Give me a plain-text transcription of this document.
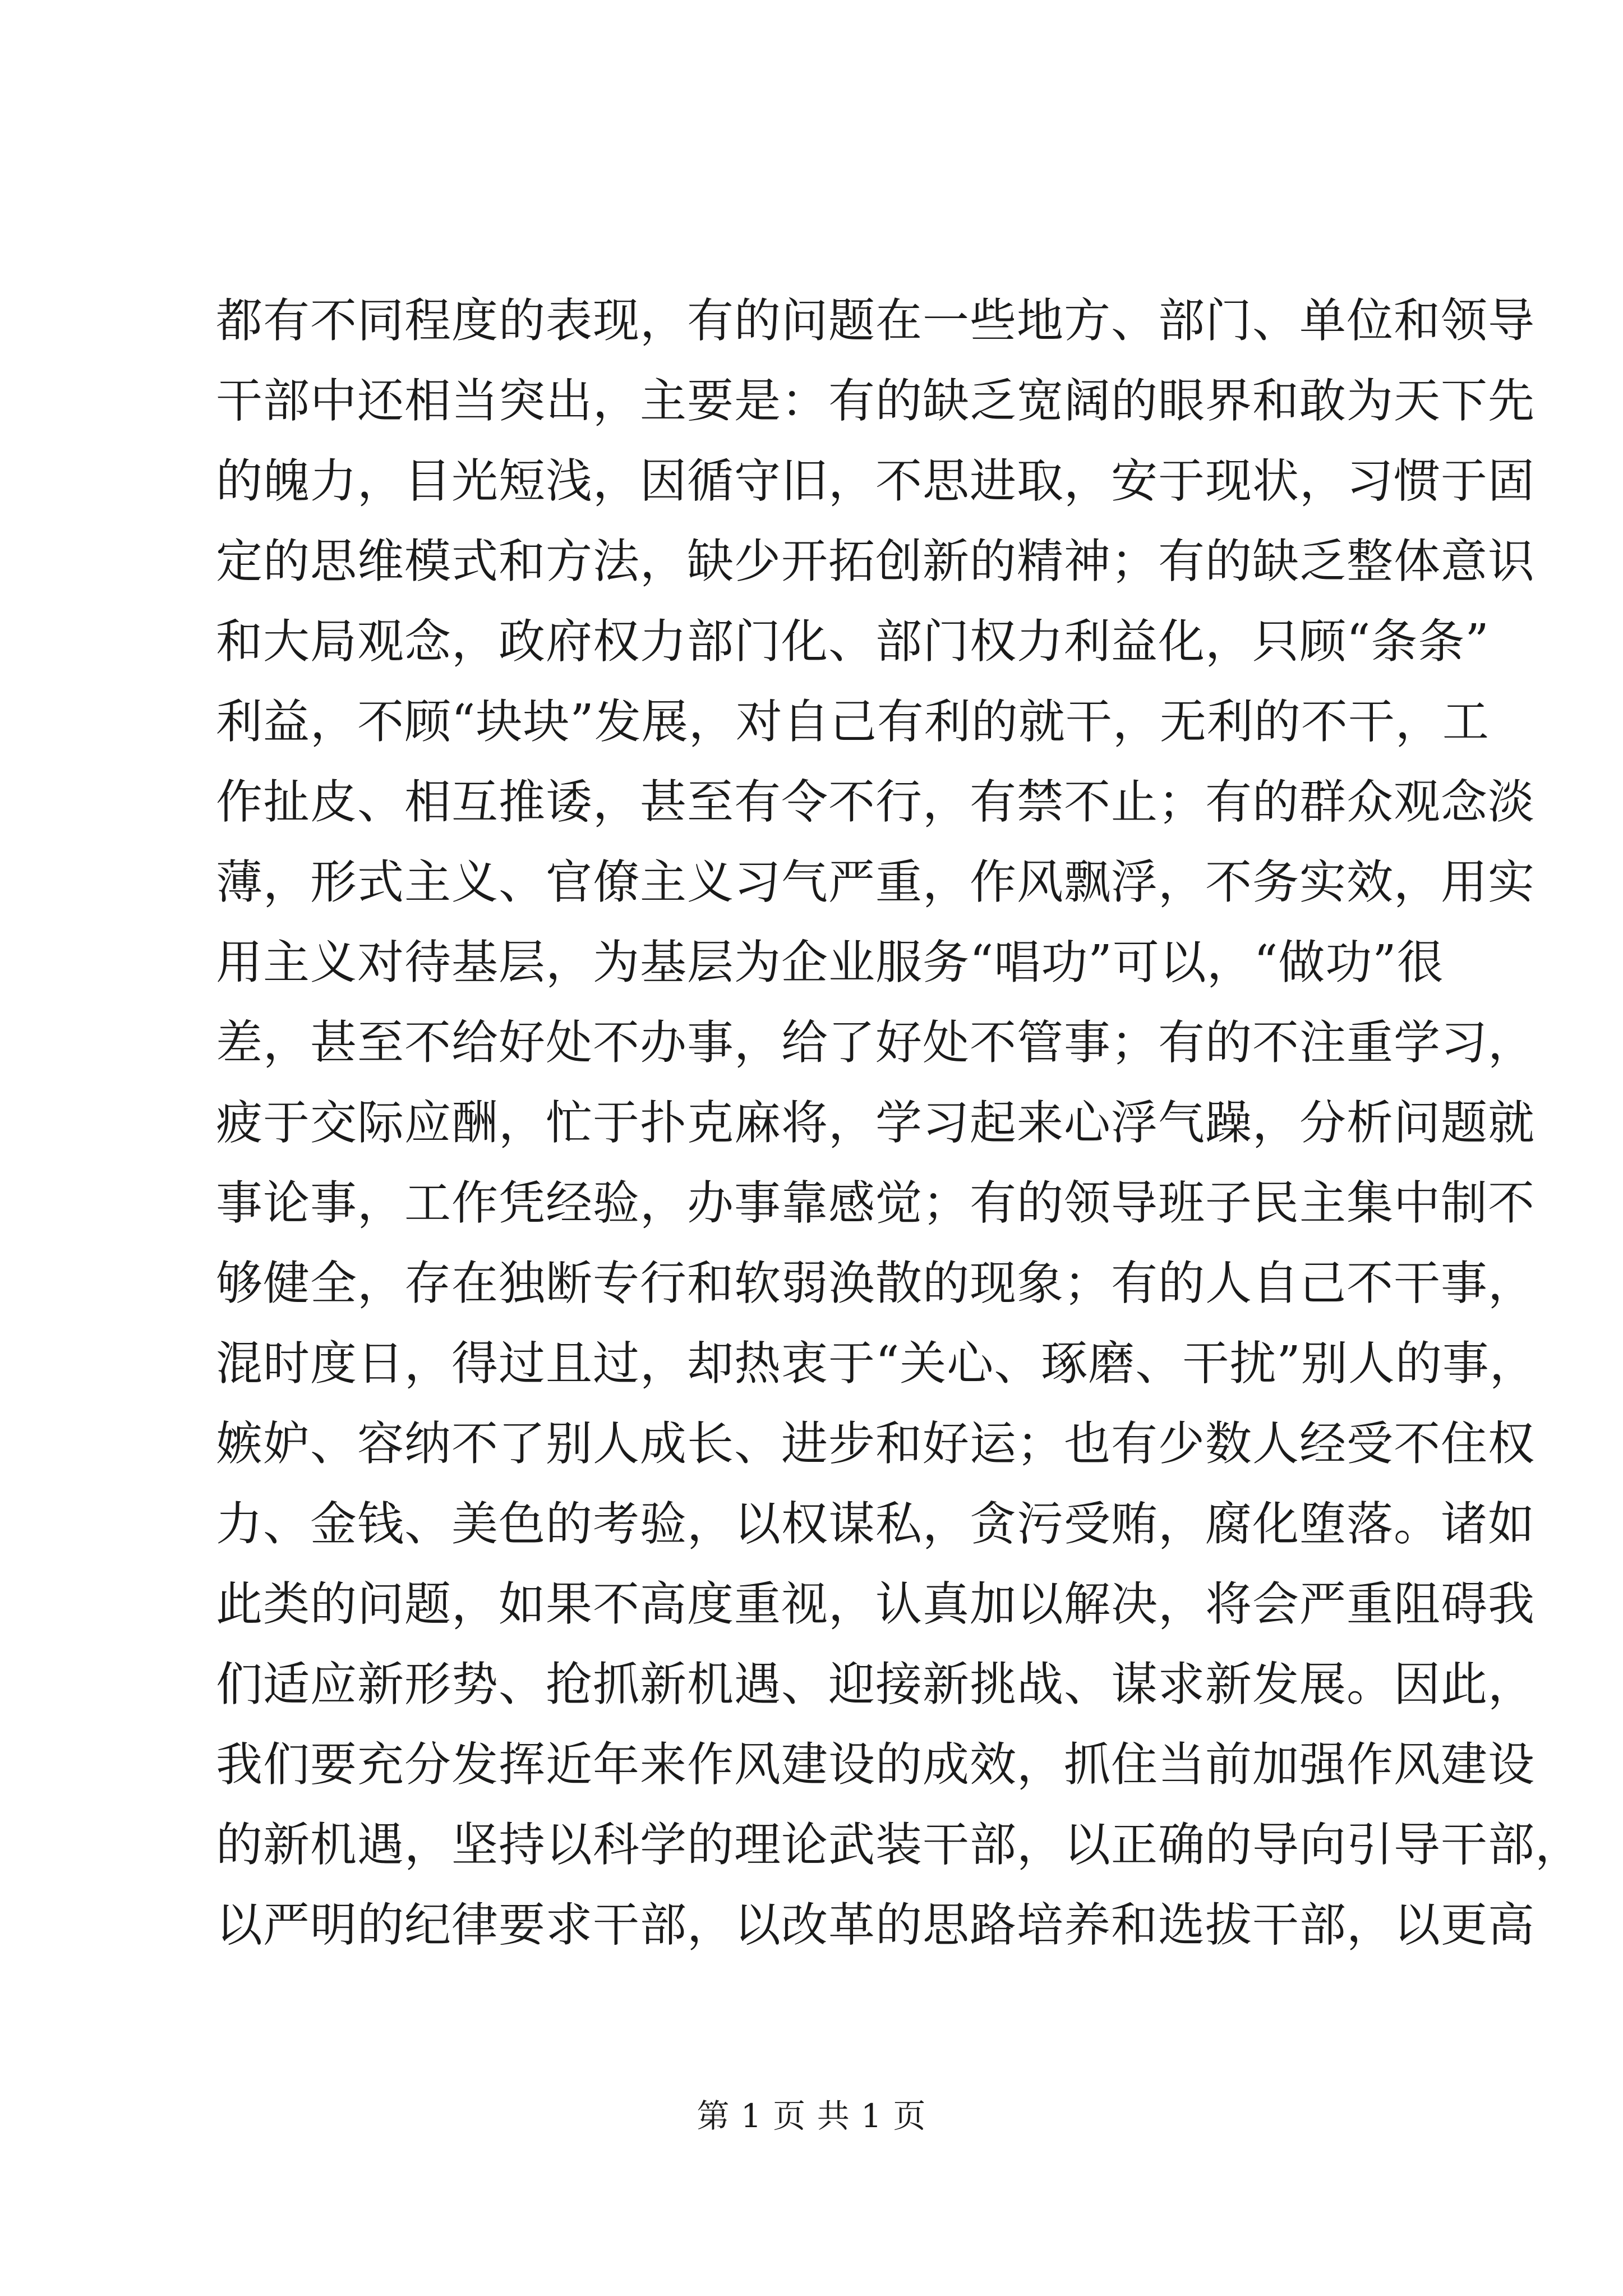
都有不同程度的表现，有的问题在一些地方、部门、单位和领导
干部中还相当突出，主要是：有的缺乏宽阔的眼界和敢为天下先
的魄力，目光短浅，因循守旧，不思进取，安于现状，习惯于固
定的思维模式和方法，缺少开拓创新的精神；有的缺乏整体意识
和大局观念，政府权力部门化、部门权力利益化，只顾“条条”
利益，不顾“块块”发展，对自己有利的就干，无利的不干，工
作扯皮、相互推诿，甚至有令不行，有禁不止；有的群众观念淡
薄，形式主义、官僚主义习气严重，作风飘浮，不务实效，用实
用主义对待基层，为基层为企业服务“唱功”可以，“做功”很
差，甚至不给好处不办事，给了好处不管事；有的不注重学习，
疲于交际应酬，忙于扑克麻将，学习起来心浮气躁，分析问题就
事论事，工作凭经验，办事靠感觉；有的领导班子民主集中制不
够健全，存在独断专行和软弱涣散的现象；有的人自己不干事，
混时度日，得过且过，却热衷于“关心、琢磨、干扰”别人的事，
嫉妒、容纳不了别人成长、进步和好运；也有少数人经受不住权
力、金钱、美色的考验，以权谋私，贪污受贿，腐化堕落。诸如
此类的问题，如果不高度重视，认真加以解决，将会严重阻碍我
们适应新形势、抢抓新机遇、迎接新挑战、谋求新发展。因此，
我们要充分发挥近年来作风建设的成效，抓住当前加强作风建设
的新机遇，坚持以科学的理论武装干部，以正确的导向引导干部，
以严明的纪律要求干部，以改革的思路培养和选拔干部，以更高
第 1 页 共 1 页
